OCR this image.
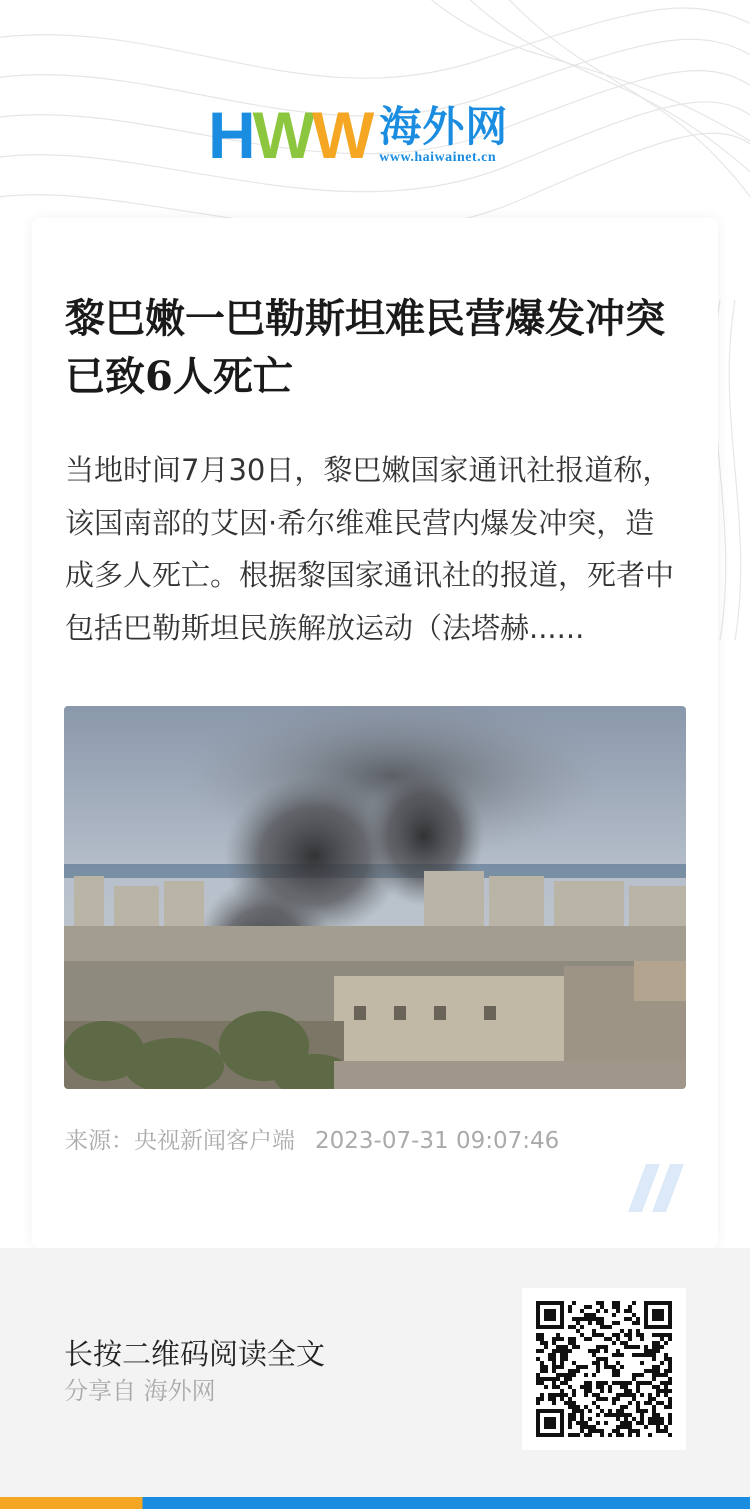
H W W 海外网
www.haiwainet.cn
黎巴嫩一巴勒斯坦难民营爆发冲突 已致6人死亡

当地时间7月30日，黎巴嫩国家通讯社报道称，该国南部的艾因·希尔维难民营内爆发冲突，造成多人死亡。根据黎国家通讯社的报道，死者中包括巴勒斯坦民族解放运动（法塔赫......

来源：央视新闻客户端 2023-07-31 09:07:46
长按二维码阅读全文
分享自 海外网
